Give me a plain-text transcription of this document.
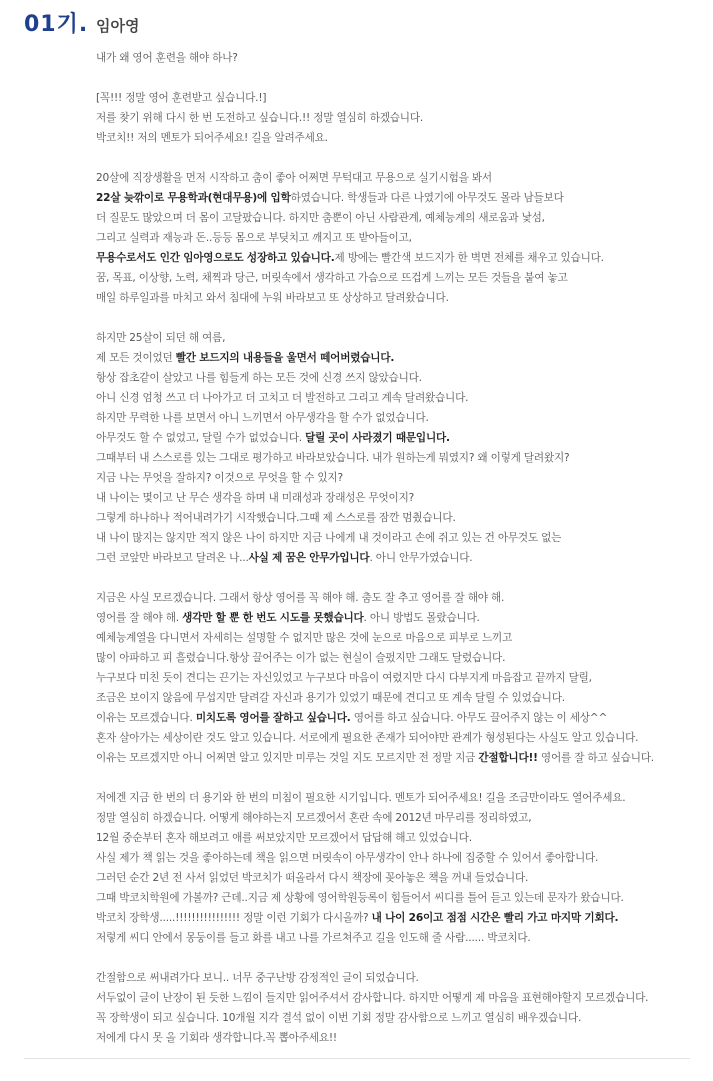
01기. 임아영
내가 왜 영어 훈련을 해야 하나?
[꼭!!! 정말 영어 훈련받고 싶습니다.!]
저를 찾기 위해 다시 한 번 도전하고 싶습니다.!! 정말 열심히 하겠습니다.
박코치!! 저의 멘토가 되어주세요! 길을 알려주세요.
20살에 직장생활을 먼저 시작하고 춤이 좋아 어쩌면 무턱대고 무용으로 실기시험을 봐서
22살 늦깎이로 무용학과(현대무용)에 입학하였습니다. 학생들과 다른 나였기에 아무것도 몰라 남들보다
더 질문도 많았으며 더 몸이 고달팠습니다. 하지만 춤뿐이 아닌 사람관계, 예체능계의 새로움과 낯섬,
그리고 실력과 재능과 돈..등등 몸으로 부딪치고 깨지고 또 받아들이고,
무용수로서도 인간 임아영으로도 성장하고 있습니다.제 방에는 빨간색 보드지가 한 벽면 전체를 채우고 있습니다.
꿈, 목표, 이상향, 노력, 채찍과 당근, 머릿속에서 생각하고 가슴으로 뜨겁게 느끼는 모든 것들을 붙여 놓고
매일 하루일과를 마치고 와서 침대에 누워 바라보고 또 상상하고 달려왔습니다.
하지만 25살이 되던 해 여름,
제 모든 것이었던 빨간 보드지의 내용들을 울면서 떼어버렸습니다.
항상 잡초같이 살았고 나를 힘들게 하는 모든 것에 신경 쓰지 않았습니다.
아니 신경 엄청 쓰고 더 나아가고 더 고치고 더 발전하고 그리고 계속 달려왔습니다.
하지만 무력한 나를 보면서 아니 느끼면서 아무생각을 할 수가 없었습니다.
아무것도 할 수 없었고, 달릴 수가 없었습니다. 달릴 곳이 사라졌기 때문입니다.
그때부터 내 스스로를 있는 그대로 평가하고 바라보았습니다. 내가 원하는게 뭐였지? 왜 이렇게 달려왔지?
지금 나는 무엇을 잘하지? 이것으로 무엇을 할 수 있지?
내 나이는 몇이고 난 무슨 생각을 하며 내 미래성과 장래성은 무엇이지?
그렇게 하나하나 적어내려가기 시작했습니다.그때 제 스스로를 잠깐 멈췄습니다.
내 나이 많지는 않지만 적지 않은 나이 하지만 지금 나에게 내 것이라고 손에 쥐고 있는 건 아무것도 없는
그런 코앞만 바라보고 달려온 나...사실 제 꿈은 안무가입니다. 아니 안무가였습니다.
지금은 사실 모르겠습니다. 그래서 항상 영어를 꼭 해야 해. 춤도 잘 추고 영어를 잘 해야 해.
영어를 잘 해야 해. 생각만 할 뿐 한 번도 시도를 못했습니다. 아니 방법도 몰랐습니다.
예체능계열을 다니면서 자세히는 설명할 수 없지만 많은 것에 눈으로 마음으로 피부로 느끼고
많이 아파하고 피 흘렸습니다.항상 끌어주는 이가 없는 현실이 슬펐지만 그래도 달렸습니다.
누구보다 미친 듯이 견디는 끈기는 자신있었고 누구보다 마음이 여렸지만 다시 다부지게 마음잡고 끝까지 달릴,
조금은 보이지 않음에 무섭지만 달려갈 자신과 용기가 있었기 때문에 견디고 또 계속 달릴 수 있었습니다.
이유는 모르겠습니다. 미치도록 영어를 잘하고 싶습니다. 영어를 하고 싶습니다. 아무도 끌어주지 않는 이 세상^^
혼자 살아가는 세상이란 것도 알고 있습니다. 서로에게 필요한 존재가 되어야만 관계가 형성된다는 사실도 알고 있습니다.
이유는 모르겠지만 아니 어쩌면 알고 있지만 미루는 것일 지도 모르지만 전 정말 지금 간절합니다!! 영어를 잘 하고 싶습니다.
저에겐 지금 한 번의 더 용기와 한 번의 미침이 필요한 시기입니다. 멘토가 되어주세요! 길을 조금만이라도 열어주세요.
정말 열심히 하겠습니다. 어떻게 해야하는지 모르겠어서 혼란 속에 2012년 마무리를 정리하였고,
12월 중순부터 혼자 해보려고 애를 써보았지만 모르겠어서 답답해 해고 있었습니다.
사실 제가 책 읽는 것을 좋아하는데 책을 읽으면 머릿속이 아무생각이 안나 하나에 집중할 수 있어서 좋아합니다.
그러던 순간 2년 전 사서 읽었던 박코치가 떠올라서 다시 책장에 꽂아놓은 책을 꺼내 들었습니다.
그때 박코치학원에 가볼까? 근데..지금 제 상황에 영어학원등록이 힘들어서 씨디를 틀어 듣고 있는데 문자가 왔습니다.
박코치 장학생.....!!!!!!!!!!!!!!!! 정말 이런 기회가 다시올까? 내 나이 26이고 점점 시간은 빨리 가고 마지막 기회다.
저렇게 씨디 안에서 몽둥이를 들고 화를 내고 나를 가르쳐주고 길을 인도해 줄 사람...... 박코치다.
간절함으로 써내려가다 보니.. 너무 중구난방 감정적인 글이 되었습니다.
서두없이 글이 난장이 된 듯한 느낌이 들지만 읽어주셔서 감사합니다. 하지만 어떻게 제 마음을 표현해야할지 모르겠습니다.
꼭 장학생이 되고 싶습니다. 10개월 지각 결석 없이 이번 기회 정말 감사함으로 느끼고 열심히 배우겠습니다.
저에게 다시 못 올 기회라 생각합니다.꼭 뽑아주세요!!
